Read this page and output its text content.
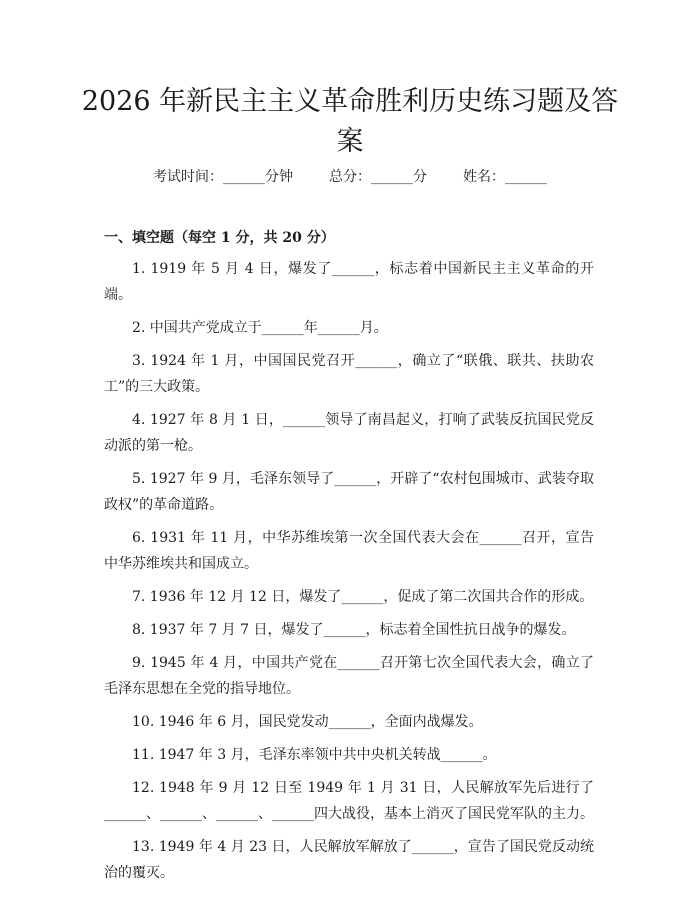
2026 年新民主主义革命胜利历史练习题及答案
考试时间：______分钟	总分：______分	姓名：______
一、填空题（每空 1 分，共 20 分）
1. 1919 年 5 月 4 日，爆发了______，标志着中国新民主主义革命的开端。
2. 中国共产党成立于______年______月。
3. 1924 年 1 月，中国国民党召开______，确立了“联俄、联共、扶助农工”的三大政策。
4. 1927 年 8 月 1 日，______领导了南昌起义，打响了武装反抗国民党反动派的第一枪。
5. 1927 年 9 月，毛泽东领导了______，开辟了“农村包围城市、武装夺取政权”的革命道路。
6. 1931 年 11 月，中华苏维埃第一次全国代表大会在______召开，宣告中华苏维埃共和国成立。
7. 1936 年 12 月 12 日，爆发了______，促成了第二次国共合作的形成。
8. 1937 年 7 月 7 日，爆发了______，标志着全国性抗日战争的爆发。
9. 1945 年 4 月，中国共产党在______召开第七次全国代表大会，确立了毛泽东思想在全党的指导地位。
10. 1946 年 6 月，国民党发动______，全面内战爆发。
11. 1947 年 3 月，毛泽东率领中共中央机关转战______。
12. 1948 年 9 月 12 日至 1949 年 1 月 31 日，人民解放军先后进行了______、______、______、______四大战役，基本上消灭了国民党军队的主力。
13. 1949 年 4 月 23 日，人民解放军解放了______，宣告了国民党反动统治的覆灭。
